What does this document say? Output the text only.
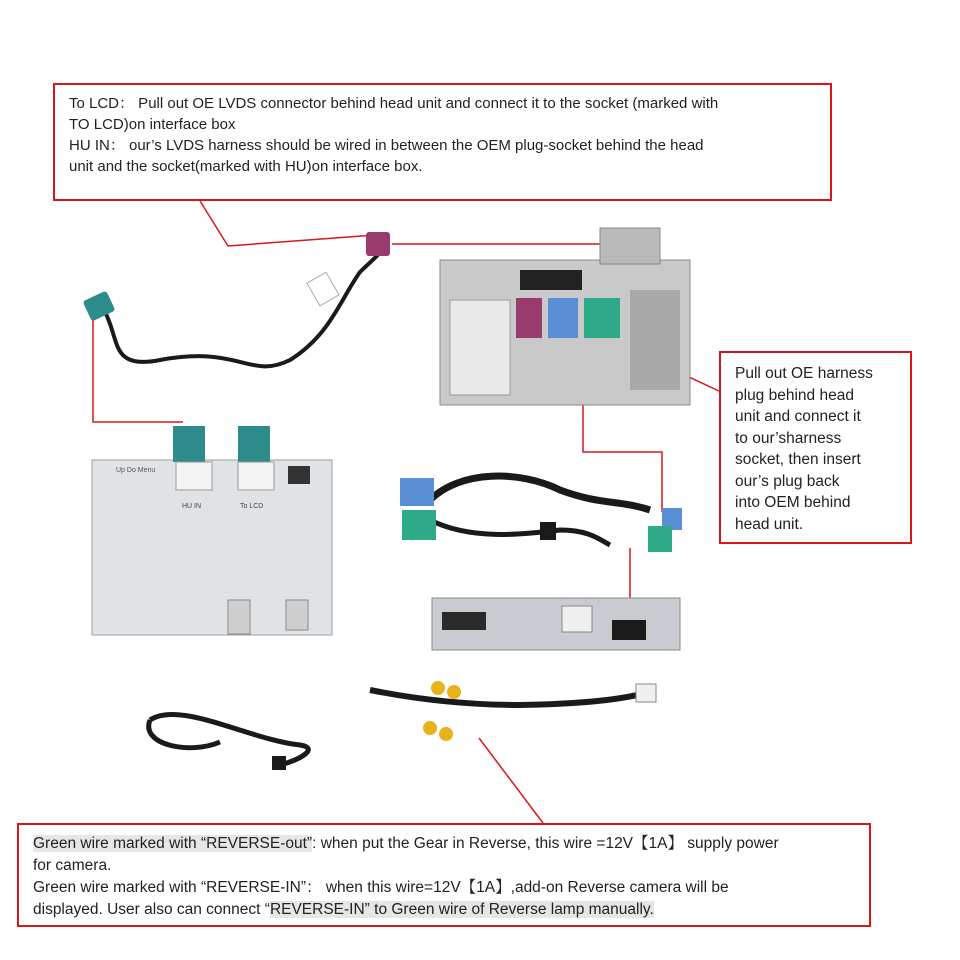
Up Do Menu
HU IN	To LCD

To LCD： Pull out OE LVDS connector behind head unit and connect it to the socket (marked with

TO LCD)on interface box

HU IN： our’s LVDS harness should be wired in between the OEM plug-socket behind the head

unit and the socket(marked with HU)on interface box.

Pull out OE harness

plug behind head

unit and connect it

to our’sharness

socket, then insert

our’s plug back

into OEM behind

head unit.

Green wire marked with “REVERSE-out”: when put the Gear in Reverse, this wire =12V【1A】 supply power

for camera.

Green wire marked with “REVERSE-IN”： when this wire=12V【1A】,add-on Reverse camera will be

displayed. User also can connect “REVERSE-IN” to Green wire of Reverse lamp manually.
